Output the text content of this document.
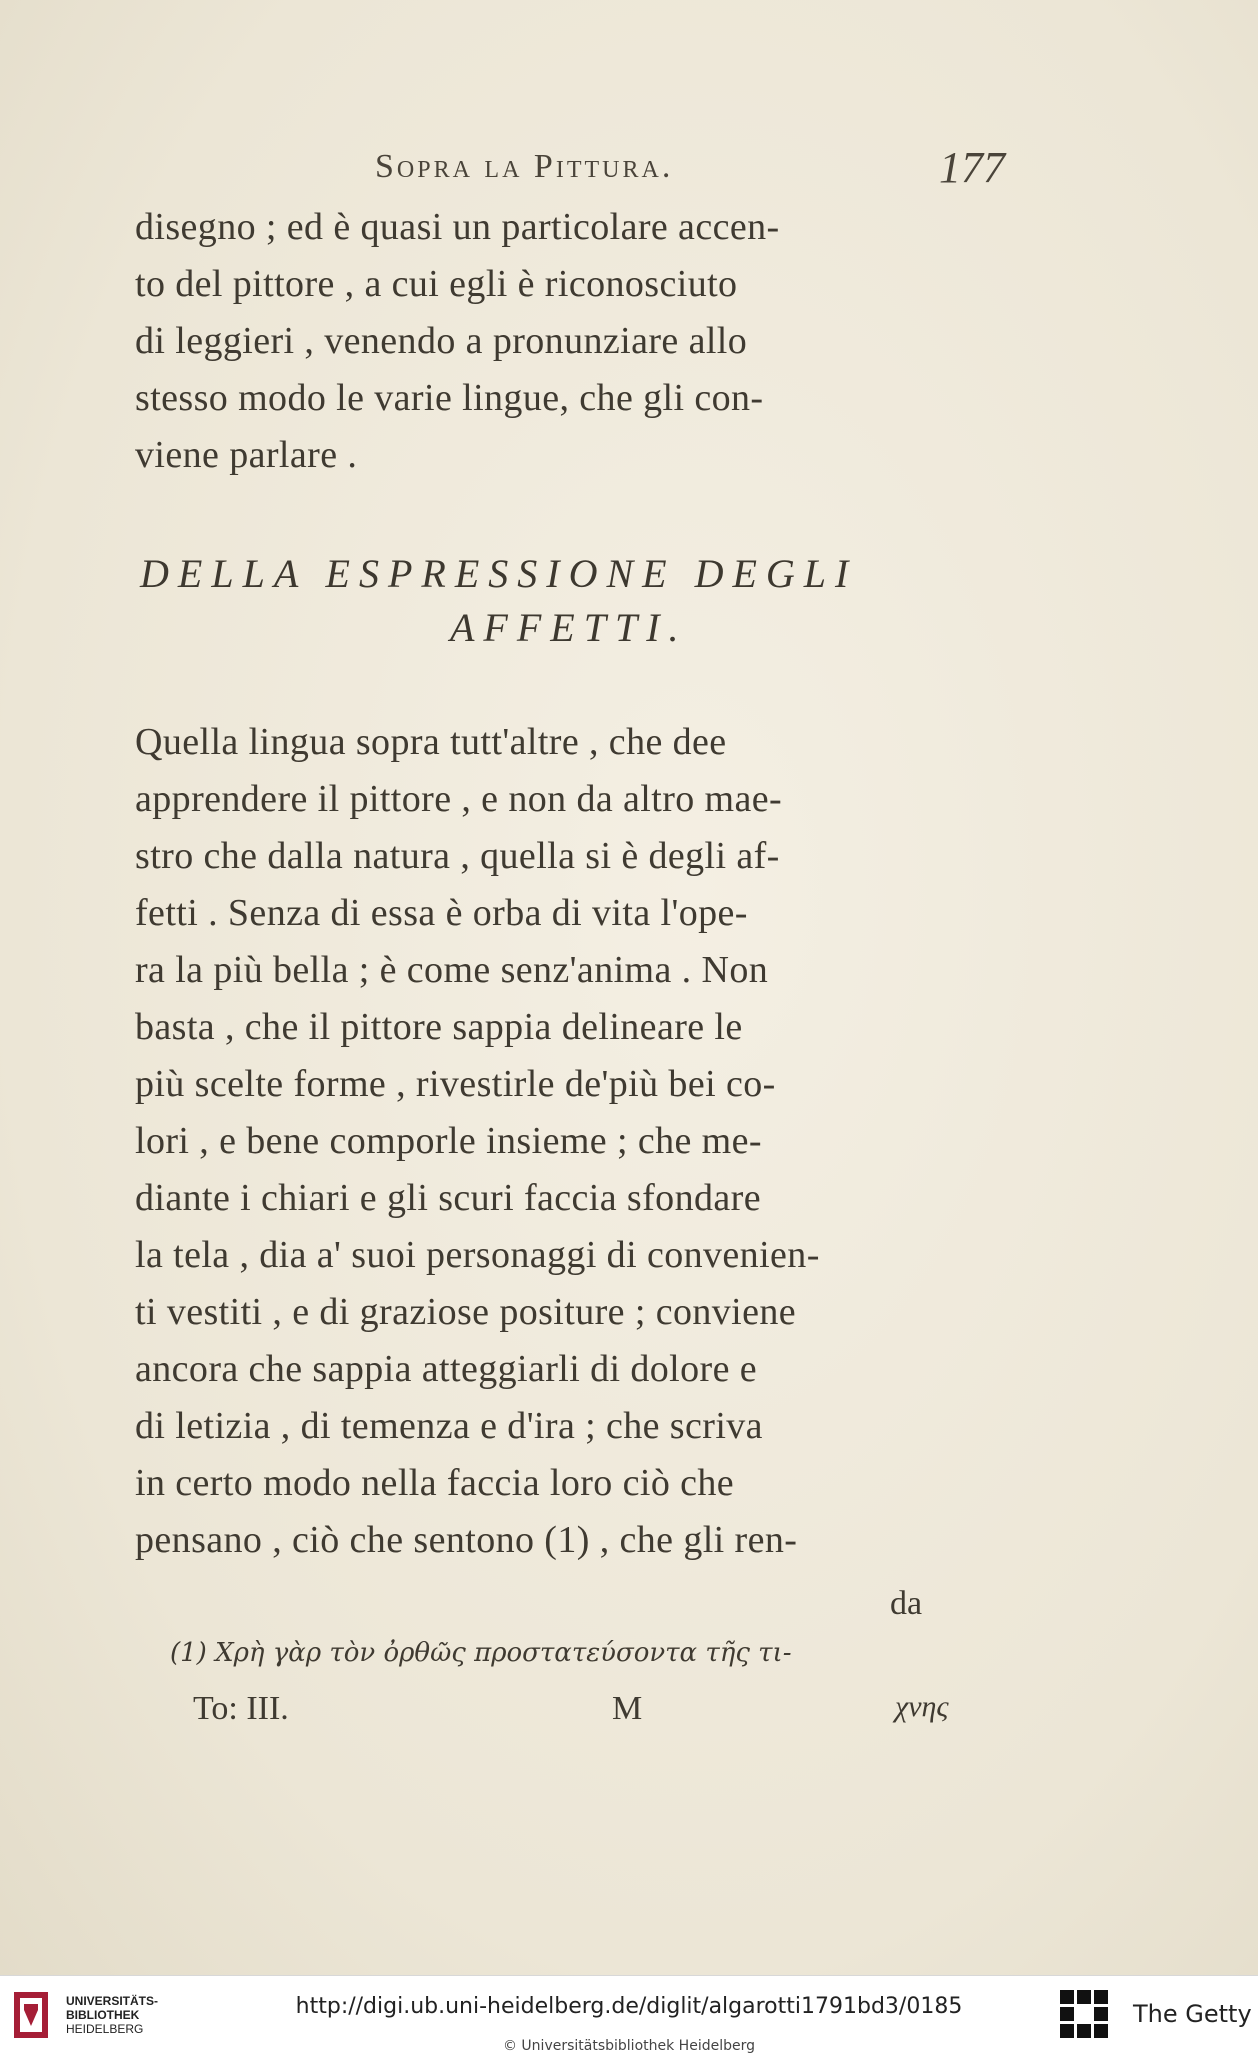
Sopra la Pittura.	177
disegno ; ed è quasi un particolare accen-
to del pittore , a cui egli è riconosciuto
di leggieri , venendo a pronunziare allo
stesso modo le varie lingue, che gli con-
viene parlare .
DELLA ESPRESSIONE DEGLI
AFFETTI.
Quella lingua sopra tutt'altre , che dee
apprendere il pittore , e non da altro mae-
stro che dalla natura , quella si è degli af-
fetti . Senza di essa è orba di vita l'ope-
ra la più bella ; è come senz'anima . Non
basta , che il pittore sappia delineare le
più scelte forme , rivestirle de'più bei co-
lori , e bene comporle insieme ; che me-
diante i chiari e gli scuri faccia sfondare
la tela , dia a' suoi personaggi di convenien-
ti vestiti , e di graziose positure ; conviene
ancora che sappia atteggiarli di dolore e
di letizia , di temenza e d'ira ; che scriva
in certo modo nella faccia loro ciò che
pensano , ciò che sentono (1) , che gli ren-
da
(1) Χρὴ γὰρ τὸν ὀρθῶς προστατεύσοντα τῆς τι-
To: III.	M	χνης
UNIVERSITÄTS-
BIBLIOTHEK
HEIDELBERG
http://digi.ub.uni-heidelberg.de/diglit/algarotti1791bd3/0185
© Universitätsbibliothek Heidelberg
The Getty
